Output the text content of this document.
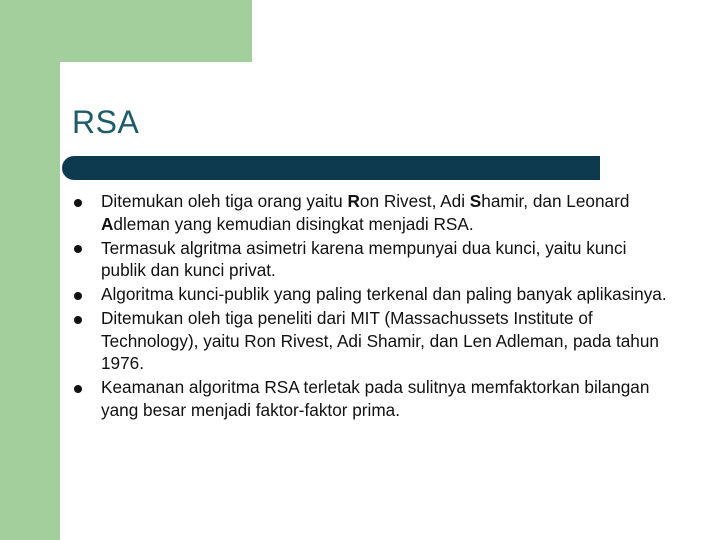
RSA
Ditemukan oleh tiga orang yaitu Ron Rivest, Adi Shamir, dan Leonard Adleman yang kemudian disingkat menjadi RSA.
Termasuk algritma asimetri karena mempunyai dua kunci, yaitu kunci publik dan kunci privat.
Algoritma kunci-publik yang paling terkenal dan paling banyak aplikasinya.
Ditemukan oleh tiga peneliti dari MIT (Massachussets Institute of Technology), yaitu Ron Rivest, Adi Shamir, dan Len Adleman, pada tahun 1976.
Keamanan algoritma RSA terletak pada sulitnya memfaktorkan bilangan yang besar menjadi faktor-faktor prima.
